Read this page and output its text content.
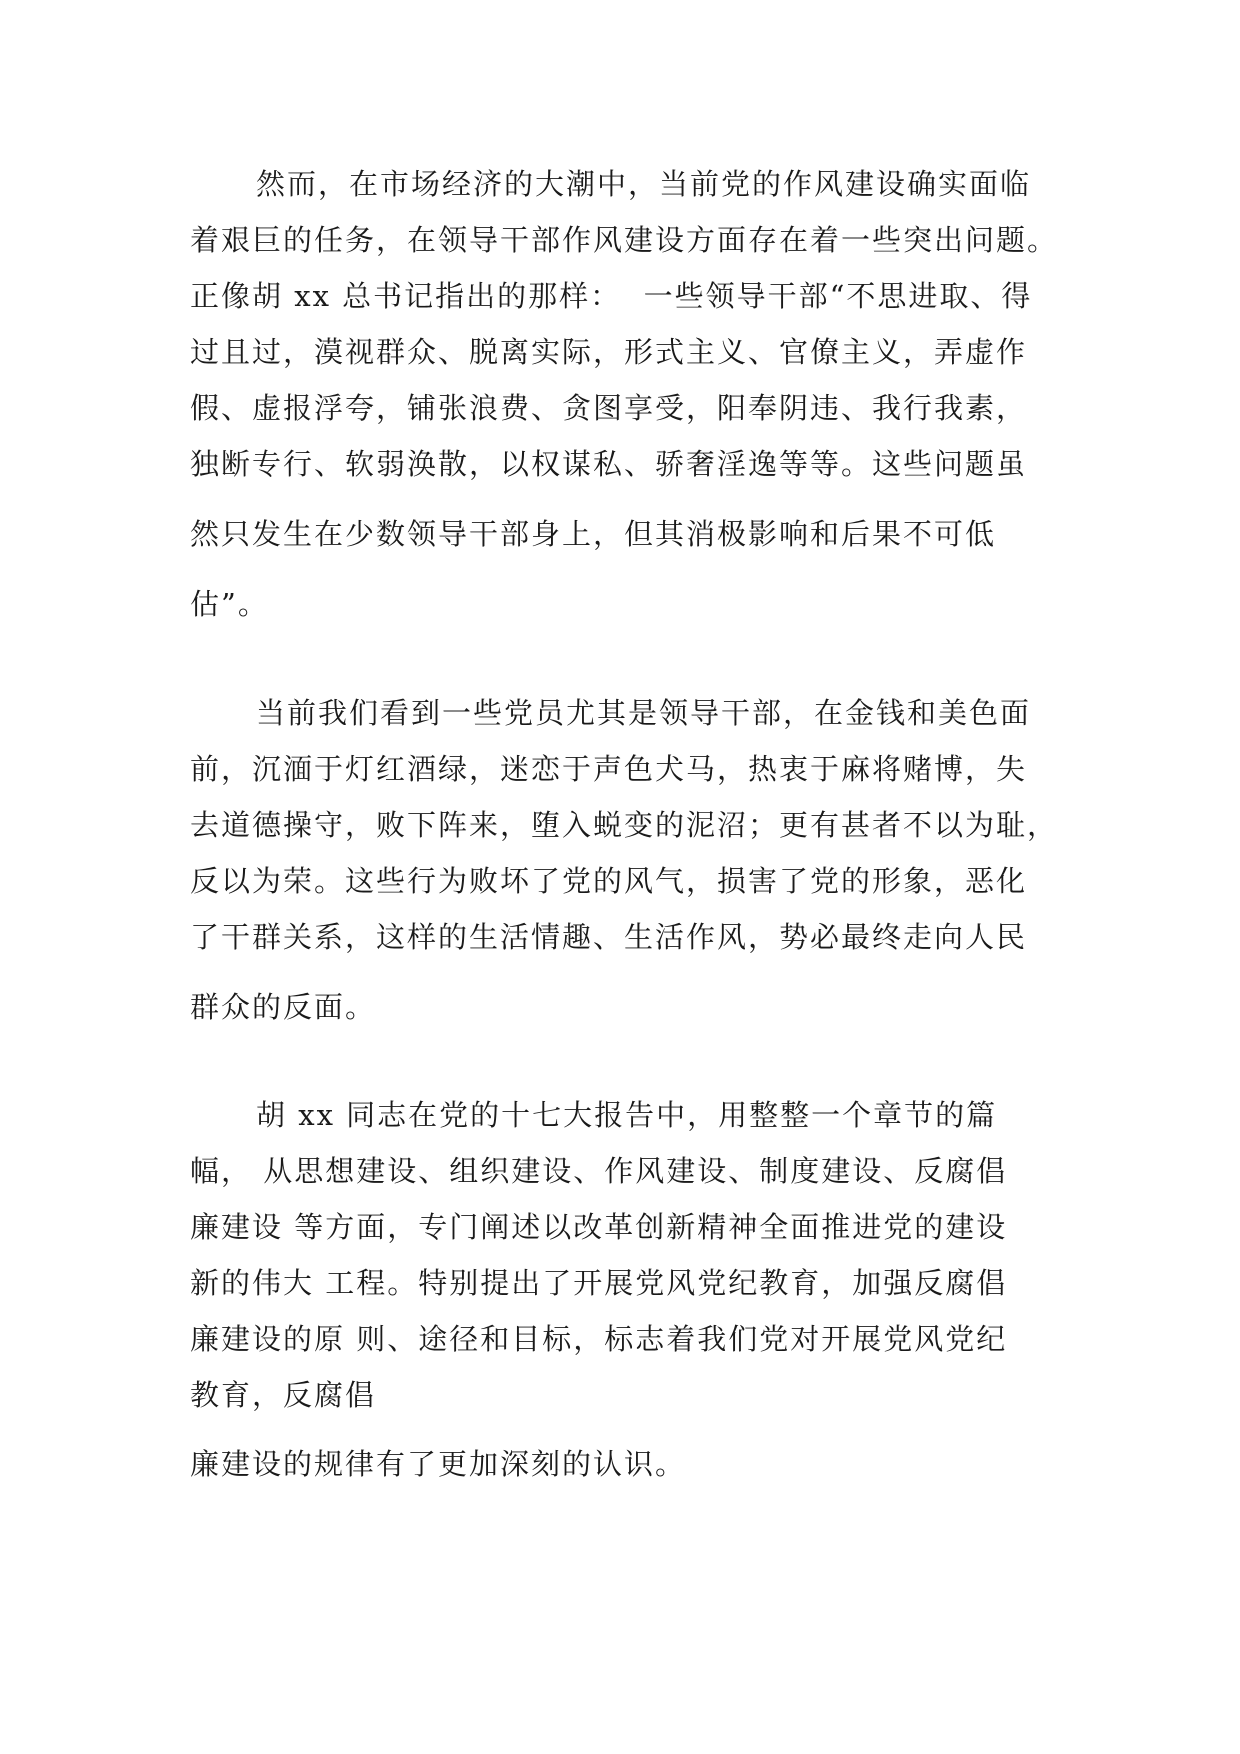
然而，在市场经济的大潮中，当前党的作风建设确实面临
着艰巨的任务，在领导干部作风建设方面存在着一些突出问题。
正像胡 xx 总书记指出的那样：  一些领导干部“不思进取、得
过且过，漠视群众、脱离实际，形式主义、官僚主义，弄虚作
假、虚报浮夸，铺张浪费、贪图享受，阳奉阴违、我行我素，
独断专行、软弱涣散，以权谋私、骄奢淫逸等等。这些问题虽
然只发生在少数领导干部身上，但其消极影响和后果不可低
估”。
当前我们看到一些党员尤其是领导干部，在金钱和美色面
前，沉湎于灯红酒绿，迷恋于声色犬马，热衷于麻将赌博，失
去道德操守，败下阵来，堕入蜕变的泥沼；更有甚者不以为耻，
反以为荣。这些行为败坏了党的风气，损害了党的形象，恶化
了干群关系，这样的生活情趣、生活作风，势必最终走向人民
群众的反面。
胡 xx 同志在党的十七大报告中，用整整一个章节的篇
幅， 从思想建设、组织建设、作风建设、制度建设、反腐倡
廉建设 等方面，专门阐述以改革创新精神全面推进党的建设
新的伟大 工程。特别提出了开展党风党纪教育，加强反腐倡
廉建设的原 则、途径和目标，标志着我们党对开展党风党纪
教育，反腐倡
廉建设的规律有了更加深刻的认识。
